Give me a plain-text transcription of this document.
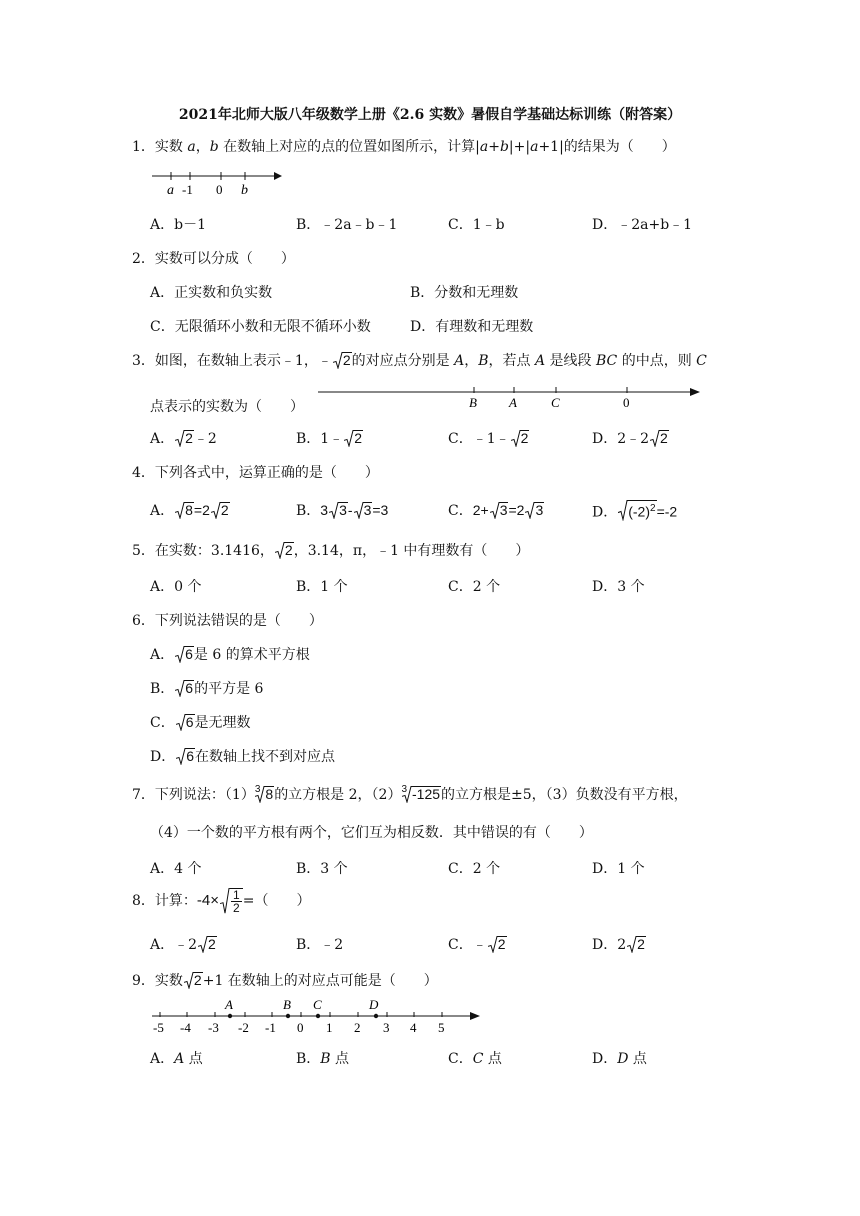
2021年北师大版八年级数学上册《2.6 实数》暑假自学基础达标训练（附答案）
1．实数 a，b 在数轴上对应的点的位置如图所示，计算|a+b|+|a+1|的结果为（　　）
a -1 0 b
A．b－1	B．﹣2a﹣b﹣1	C．1﹣b	D．﹣2a+b﹣1
2．实数可以分成（　　）
A．正实数和负实数	B．分数和无理数
C．无限循环小数和无限不循环小数	D．有理数和无理数
3．如图，在数轴上表示﹣1，﹣ 2的对应点分别是 A，B，若点 A 是线段 BC 的中点，则 C
点表示的实数为（　　）	B A	C	0
A． 2﹣2	B．1﹣ 2	C．﹣1﹣ 2	D．2﹣2 2
4．下列各式中，运算正确的是（　　）
A． 8=2 2	B．3 3- 3=3	C．2+ 3=2 3	D． $(-2)^2=-2$
5．在实数：3.1416， 2，3.14，π，﹣1 中有理数有（　　）
A．0 个	B．1 个	C．2 个	D．3 个
6．下列说法错误的是（　　）
A． 6是 6 的算术平方根
B． 6的平方是 6
C． 6是无理数
D． 6在数轴上找不到对应点
7．下列说法：$(1)^3$ 8的立方根是 2，$(2)^3$ -125的立方根是±5，（3）负数没有平方根，
（4）一个数的平方根有两个，它们互为相反数．其中错误的有（　　）
A．4 个	B．3 个	C．2 个	D．1 个
8．计算：$-4\times \frac{1}{2}$ =（　　）
A．﹣2 2	B．﹣2	C．﹣ 2	D．2 2
9．实数 2+1 在数轴上的对应点可能是（　　）
-5 -4 -3 -2 -1 0 1 2 3 4 5
A	B C	D
A．A 点	B．B 点	C．C 点	D．D 点
